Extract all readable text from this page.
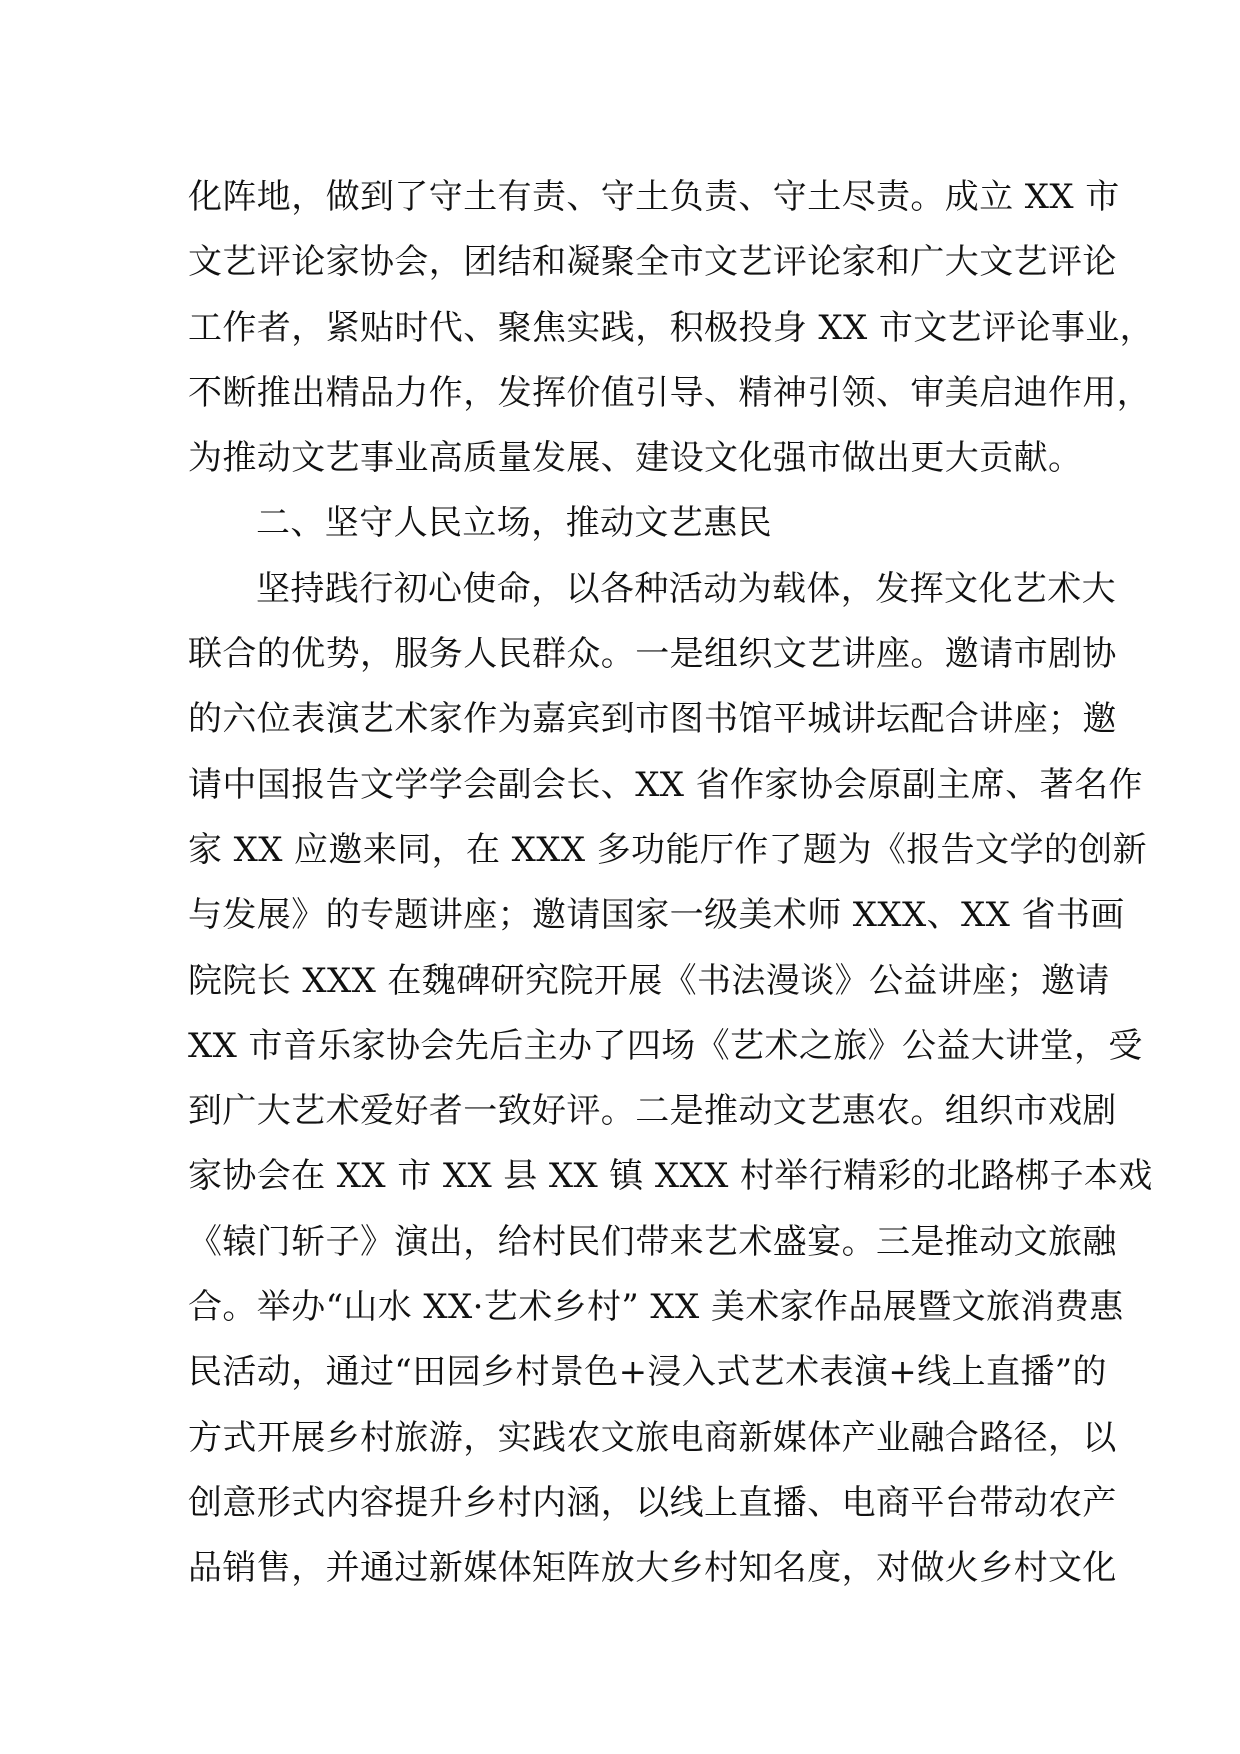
化阵地，做到了守土有责、守土负责、守土尽责。成立 XX 市
文艺评论家协会，团结和凝聚全市文艺评论家和广大文艺评论
工作者，紧贴时代、聚焦实践，积极投身 XX 市文艺评论事业，
不断推出精品力作，发挥价值引导、精神引领、审美启迪作用，
为推动文艺事业高质量发展、建设文化强市做出更大贡献。
二、坚守人民立场，推动文艺惠民
坚持践行初心使命，以各种活动为载体，发挥文化艺术大
联合的优势，服务人民群众。一是组织文艺讲座。邀请市剧协
的六位表演艺术家作为嘉宾到市图书馆平城讲坛配合讲座；邀
请中国报告文学学会副会长、XX 省作家协会原副主席、著名作
家 XX 应邀来同，在 XXX 多功能厅作了题为《报告文学的创新
与发展》的专题讲座；邀请国家一级美术师 XXX、XX 省书画
院院长 XXX 在魏碑研究院开展《书法漫谈》公益讲座；邀请
XX 市音乐家协会先后主办了四场《艺术之旅》公益大讲堂，受
到广大艺术爱好者一致好评。二是推动文艺惠农。组织市戏剧
家协会在 XX 市 XX 县 XX 镇 XXX 村举行精彩的北路梆子本戏
《辕门斩子》演出，给村民们带来艺术盛宴。三是推动文旅融
合。举办“山水 XX·艺术乡村” XX 美术家作品展暨文旅消费惠
民活动，通过“田园乡村景色+浸入式艺术表演+线上直播”的
方式开展乡村旅游，实践农文旅电商新媒体产业融合路径，以
创意形式内容提升乡村内涵，以线上直播、电商平台带动农产
品销售，并通过新媒体矩阵放大乡村知名度，对做火乡村文化
